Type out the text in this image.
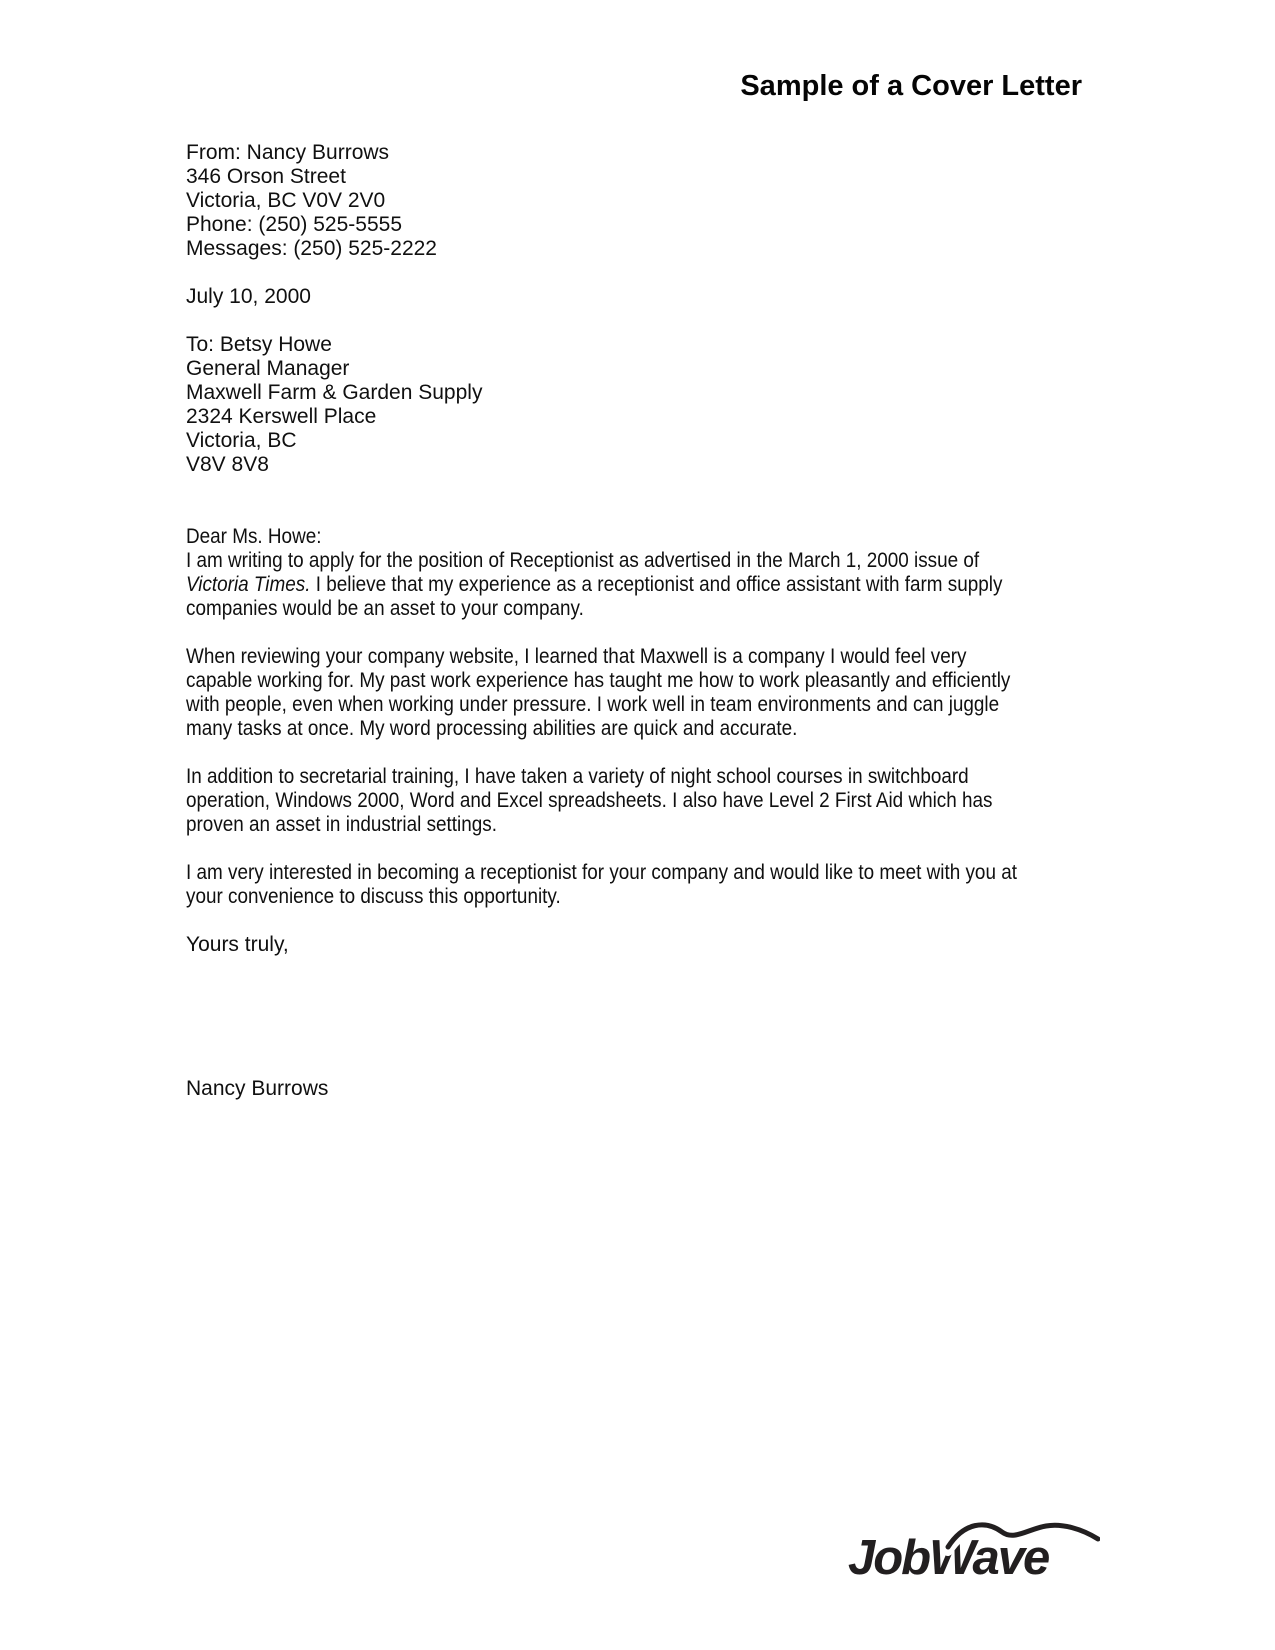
Sample of a Cover Letter
From: Nancy Burrows
346 Orson Street
Victoria, BC V0V 2V0
Phone: (250) 525-5555
Messages: (250) 525-2222
July 10, 2000
To: Betsy Howe
General Manager
Maxwell Farm & Garden Supply
2324 Kerswell Place
Victoria, BC
V8V 8V8
Dear Ms. Howe:

I am writing to apply for the position of Receptionist as advertised in the March 1, 2000 issue of Victoria Times. I believe that my experience as a receptionist and office assistant with farm supply companies would be an asset to your company.

When reviewing your company website, I learned that Maxwell is a company I would feel very capable working for. My past work experience has taught me how to work pleasantly and efficiently with people, even when working under pressure. I work well in team environments and can juggle many tasks at once. My word processing abilities are quick and accurate.

In addition to secretarial training, I have taken a variety of night school courses in switchboard operation, Windows 2000, Word and Excel spreadsheets. I also have Level 2 First Aid which has proven an asset in industrial settings.

I am very interested in becoming a receptionist for your company and would like to meet with you at your convenience to discuss this opportunity.

Yours truly,
Nancy Burrows
JobWave
